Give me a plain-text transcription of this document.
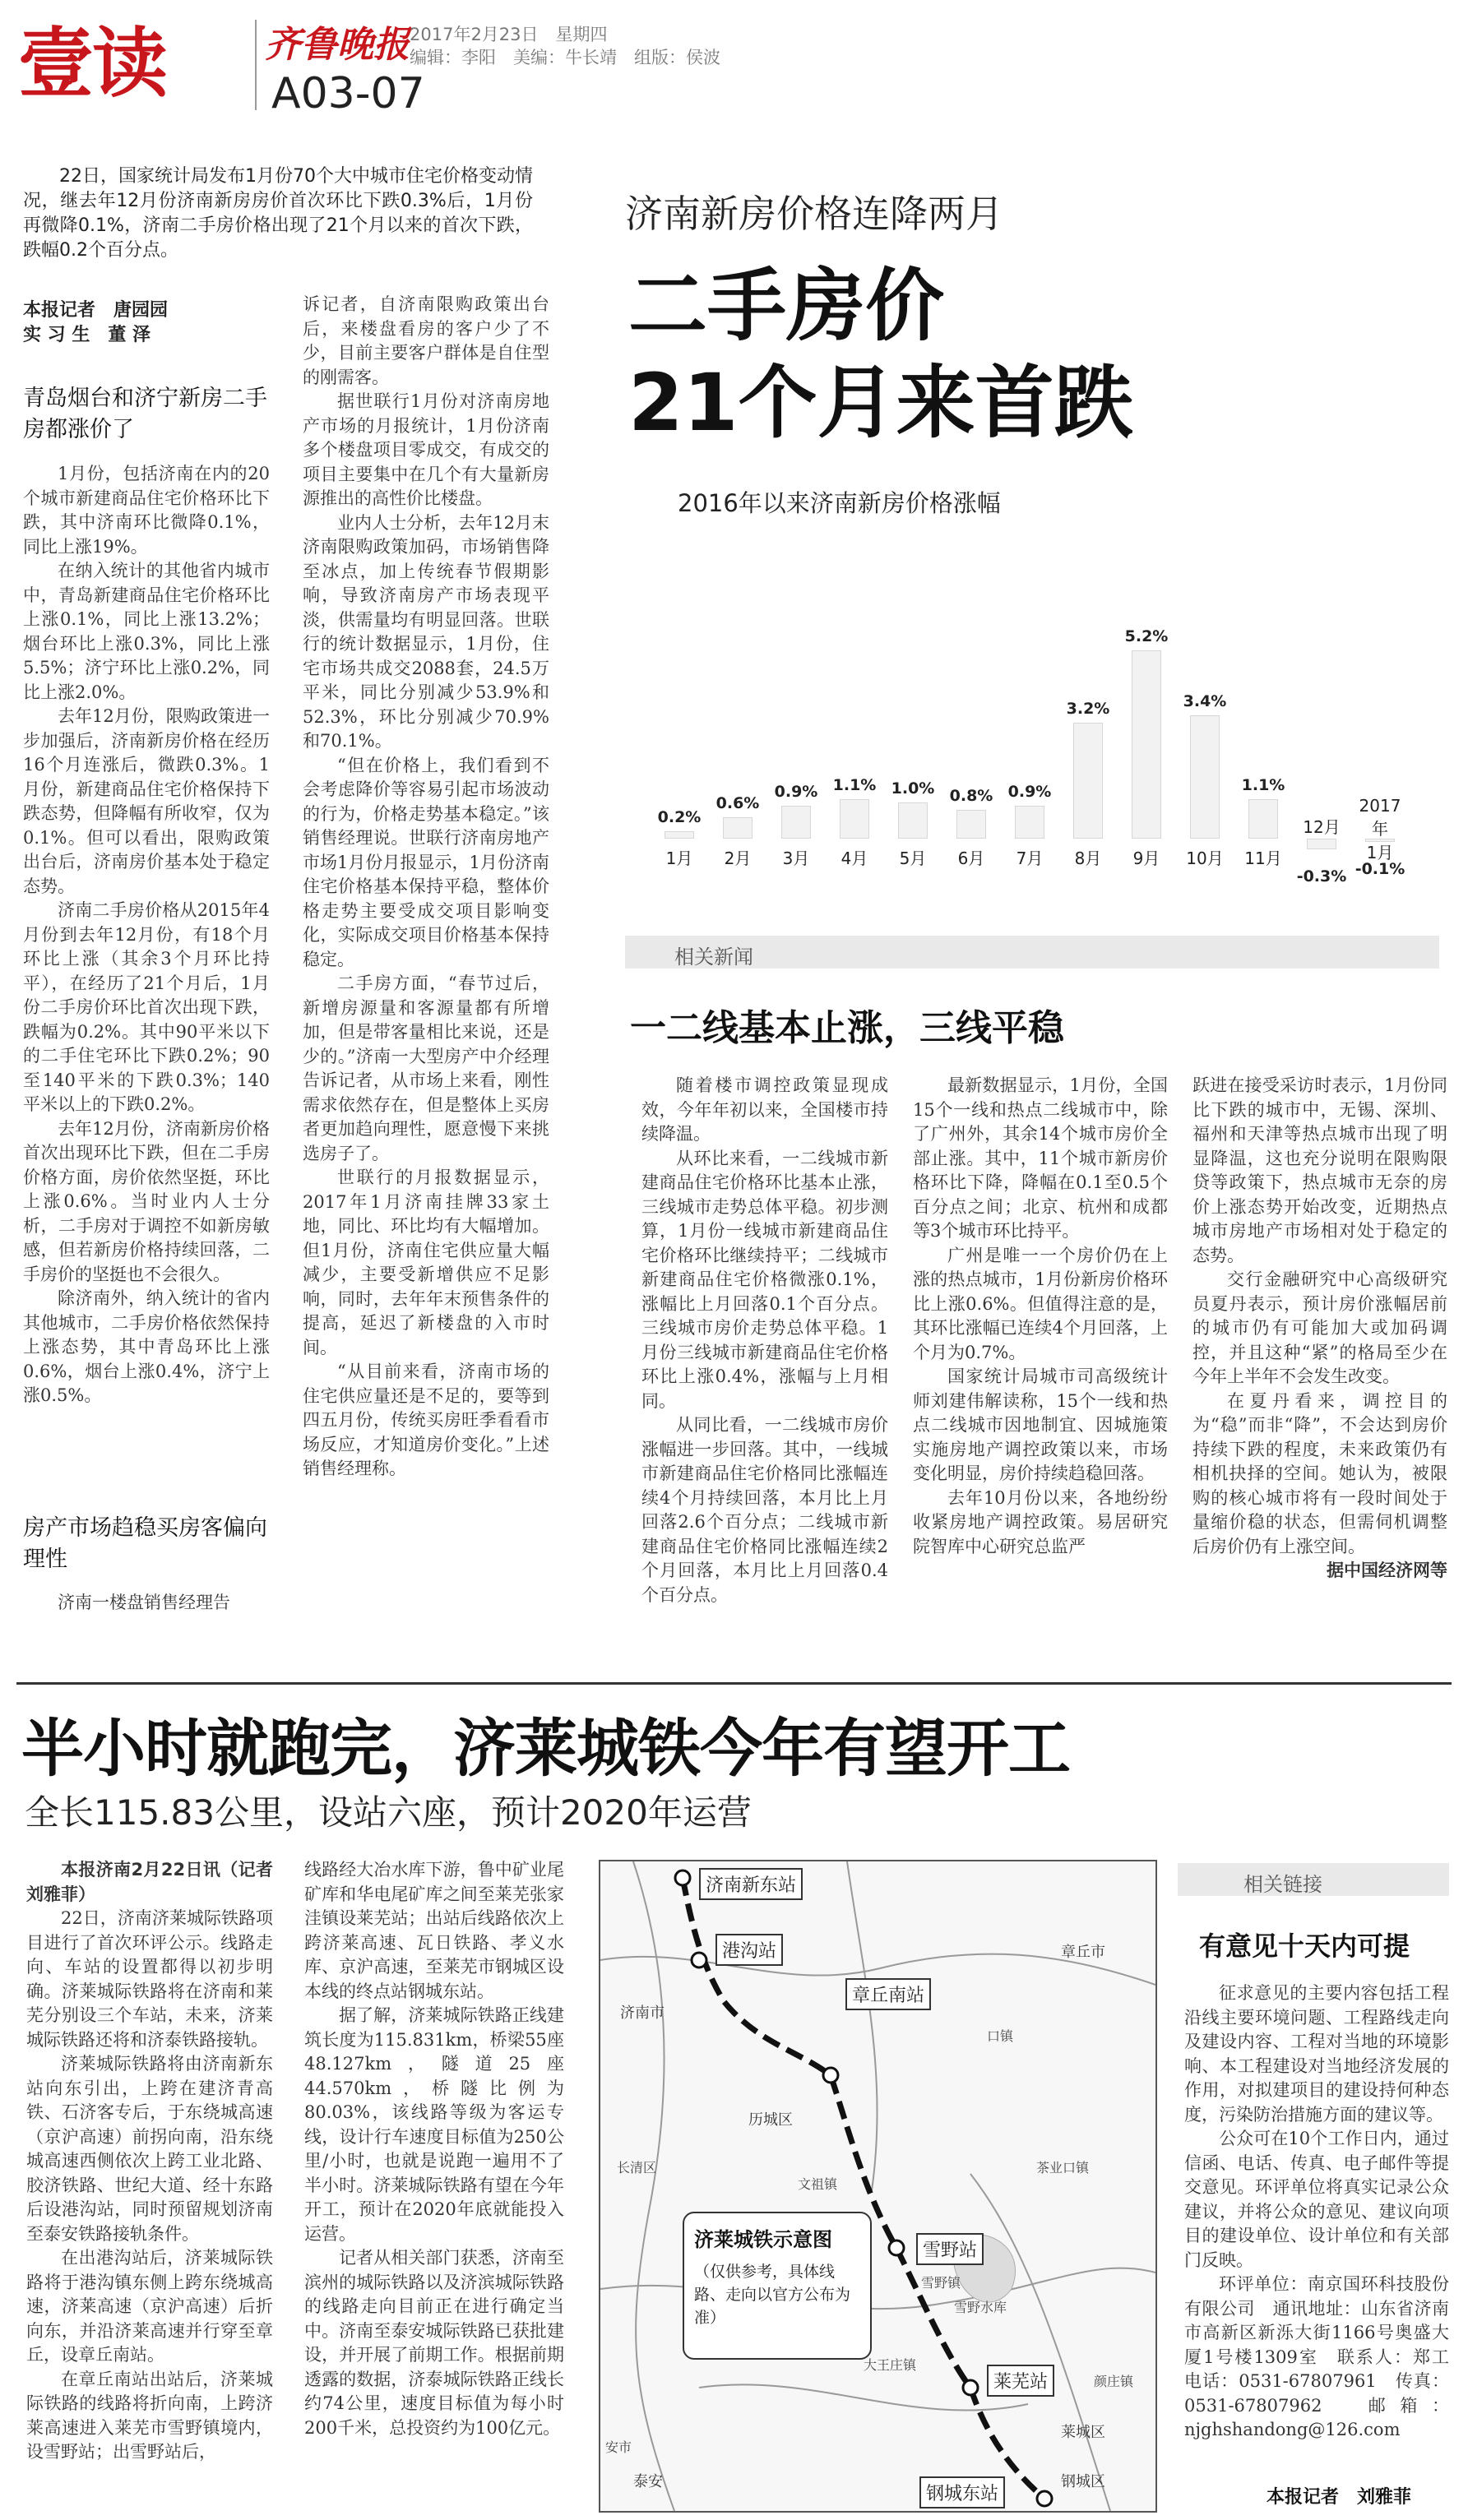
壹读	齐鲁晚报
A03-07
2017年2月23日　星期四
编辑：李阳　美编：牛长靖　组版：侯波
22日，国家统计局发布1月份70个大中城市住宅价格变动情况，继去年12月份济南新房房价首次环比下跌0.3%后，1月份再微降0.1%，济南二手房价格出现了21个月以来的首次下跌，跌幅0.2个百分点。
济南新房价格连降两月
二手房价
21个月来首跌
本报记者　唐园园
实 习 生　董 泽
青岛烟台和济宁新房二手房都涨价了

1月份，包括济南在内的20个城市新建商品住宅价格环比下跌，其中济南环比微降0.1%，同比上涨19%。

在纳入统计的其他省内城市中，青岛新建商品住宅价格环比上涨0.1%，同比上涨13.2%；烟台环比上涨0.3%，同比上涨5.5%；济宁环比上涨0.2%，同比上涨2.0%。

去年12月份，限购政策进一步加强后，济南新房价格在经历16个月连涨后，微跌0.3%。1月份，新建商品住宅价格保持下跌态势，但降幅有所收窄，仅为0.1%。但可以看出，限购政策出台后，济南房价基本处于稳定态势。

济南二手房价格从2015年4月份到去年12月份，有18个月环比上涨（其余3个月环比持平），在经历了21个月后，1月份二手房价环比首次出现下跌，跌幅为0.2%。其中90平米以下的二手住宅环比下跌0.2%；90至140平米的下跌0.3%；140平米以上的下跌0.2%。

去年12月份，济南新房价格首次出现环比下跌，但在二手房价格方面，房价依然坚挺，环比上涨0.6%。当时业内人士分析，二手房对于调控不如新房敏感，但若新房价格持续回落，二手房价的坚挺也不会很久。

除济南外，纳入统计的省内其他城市，二手房价格依然保持上涨态势，其中青岛环比上涨0.6%，烟台上涨0.4%，济宁上涨0.5%。

房产市场趋稳买房客偏向理性

济南一楼盘销售经理告

诉记者，自济南限购政策出台后，来楼盘看房的客户少了不少，目前主要客户群体是自住型的刚需客。

据世联行1月份对济南房地产市场的月报统计，1月份济南多个楼盘项目零成交，有成交的项目主要集中在几个有大量新房源推出的高性价比楼盘。

业内人士分析，去年12月末济南限购政策加码，市场销售降至冰点，加上传统春节假期影响，导致济南房产市场表现平淡，供需量均有明显回落。世联行的统计数据显示，1月份，住宅市场共成交2088套，24.5万平米，同比分别减少53.9%和52.3%，环比分别减少70.9%和70.1%。

“但在价格上，我们看到不会考虑降价等容易引起市场波动的行为，价格走势基本稳定。”该销售经理说。世联行济南房地产市场1月份月报显示，1月份济南住宅价格基本保持平稳，整体价格走势主要受成交项目影响变化，实际成交项目价格基本保持稳定。

二手房方面，“春节过后，新增房源量和客源量都有所增加，但是带客量相比来说，还是少的。”济南一大型房产中介经理告诉记者，从市场上来看，刚性需求依然存在，但是整体上买房者更加趋向理性，愿意慢下来挑选房子了。

世联行的月报数据显示，2017年1月济南挂牌33家土地，同比、环比均有大幅增加。但1月份，济南住宅供应量大幅减少，主要受新增供应不足影响，同时，去年年末预售条件的提高，延迟了新楼盘的入市时间。

“从目前来看，济南市场的住宅供应量还是不足的，要等到四五月份，传统买房旺季看看市场反应，才知道房价变化。”上述销售经理称。

2016年以来济南新房价格涨幅
0.2%
1月
0.6%
2月
0.9%
3月
1.1%
4月
1.0%
5月
0.8%
6月
0.9%
7月
3.2%
8月
5.2%
9月
3.4%
10月
1.1%
11月
-0.3%
12月
-0.1%
2017年
1月
相关新闻
一二线基本止涨，三线平稳

随着楼市调控政策显现成效，今年年初以来，全国楼市持续降温。

从环比来看，一二线城市新建商品住宅价格环比基本止涨，三线城市走势总体平稳。初步测算，1月份一线城市新建商品住宅价格环比继续持平；二线城市新建商品住宅价格微涨0.1%，涨幅比上月回落0.1个百分点。三线城市房价走势总体平稳。1月份三线城市新建商品住宅价格环比上涨0.4%，涨幅与上月相同。

从同比看，一二线城市房价涨幅进一步回落。其中，一线城市新建商品住宅价格同比涨幅连续4个月持续回落，本月比上月回落2.6个百分点；二线城市新建商品住宅价格同比涨幅连续2个月回落，本月比上月回落0.4个百分点。

最新数据显示，1月份，全国15个一线和热点二线城市中，除了广州外，其余14个城市房价全部止涨。其中，11个城市新房价格环比下降，降幅在0.1至0.5个百分点之间；北京、杭州和成都等3个城市环比持平。

广州是唯一一个房价仍在上涨的热点城市，1月份新房价格环比上涨0.6%。但值得注意的是，其环比涨幅已连续4个月回落，上个月为0.7%。

国家统计局城市司高级统计师刘建伟解读称，15个一线和热点二线城市因地制宜、因城施策实施房地产调控政策以来，市场变化明显，房价持续趋稳回落。

去年10月份以来，各地纷纷收紧房地产调控政策。易居研究院智库中心研究总监严

跃进在接受采访时表示，1月份同比下跌的城市中，无锡、深圳、福州和天津等热点城市出现了明显降温，这也充分说明在限购限贷等政策下，热点城市无奈的房价上涨态势开始改变，近期热点城市房地产市场相对处于稳定的态势。

交行金融研究中心高级研究员夏丹表示，预计房价涨幅居前的城市仍有可能加大或加码调控，并且这种“紧”的格局至少在今年上半年不会发生改变。

在夏丹看来，调控目的为“稳”而非“降”，不会达到房价持续下跌的程度，未来政策仍有相机抉择的空间。她认为，被限购的核心城市将有一段时间处于量缩价稳的状态，但需伺机调整后房价仍有上涨空间。

据中国经济网等

半小时就跑完，济莱城铁今年有望开工
全长115.83公里，设站六座，预计2020年运营

本报济南2月22日讯（记者 刘雅菲）

22日，济南济莱城际铁路项目进行了首次环评公示。线路走向、车站的设置都得以初步明确。济莱城际铁路将在济南和莱芜分别设三个车站，未来，济莱城际铁路还将和济泰铁路接轨。

济莱城际铁路将由济南新东站向东引出，上跨在建济青高铁、石济客专后，于东绕城高速（京沪高速）前拐向南，沿东绕城高速西侧依次上跨工业北路、胶济铁路、世纪大道、经十东路后设港沟站，同时预留规划济南至泰安铁路接轨条件。

在出港沟站后，济莱城际铁路将于港沟镇东侧上跨东绕城高速，济莱高速（京沪高速）后折向东，并沿济莱高速并行穿至章丘，设章丘南站。

在章丘南站出站后，济莱城际铁路的线路将折向南，上跨济莱高速进入莱芜市雪野镇境内，设雪野站；出雪野站后，

线路经大冶水库下游，鲁中矿业尾矿库和华电尾矿库之间至莱芜张家洼镇设莱芜站；出站后线路依次上跨济莱高速、瓦日铁路、孝义水库、京沪高速，至莱芜市钢城区设本线的终点站钢城东站。

据了解，济莱城际铁路正线建筑长度为115.831km，桥梁55座48.127km，隧道25座44.570km，桥隧比例为80.03%，该线路等级为客运专线，设计行车速度目标值为250公里/小时，也就是说跑一遍用不了半小时。济莱城际铁路有望在今年开工，预计在2020年底就能投入运营。

记者从相关部门获悉，济南至滨州的城际铁路以及济滨城际铁路的线路走向目前正在进行确定当中。济南至泰安城际铁路已获批建设，并开展了前期工作。根据前期透露的数据，济泰城际铁路正线长约74公里，速度目标值为每小时200千米，总投资约为100亿元。

济南新东站
港沟站
章丘南站
雪野站
莱芜站
钢城东站
济南市
章丘市
雪野水库
历城区
大王庄镇
茶业口镇
莱城区
钢城区
泰安
安市
长清区
文祖镇
雪野镇
口镇
颜庄镇
济莱城铁示意图
（仅供参考，具体线路、走向以官方公布为准）
相关链接
有意见十天内可提

征求意见的主要内容包括工程沿线主要环境问题、工程路线走向及建设内容、工程对当地的环境影响、本工程建设对当地经济发展的作用，对拟建项目的建设持何种态度，污染防治措施方面的建议等。

公众可在10个工作日内，通过信函、电话、传真、电子邮件等提交意见。环评单位将真实记录公众建议，并将公众的意见、建议向项目的建设单位、设计单位和有关部门反映。

环评单位：南京国环科技股份有限公司　通讯地址：山东省济南市高新区新泺大街1166号奥盛大厦1号楼1309室　联系人：郑工　电话：0531-67807961　传真：0531-67807962　邮箱：njghshandong@126.com

本报记者　刘雅菲
